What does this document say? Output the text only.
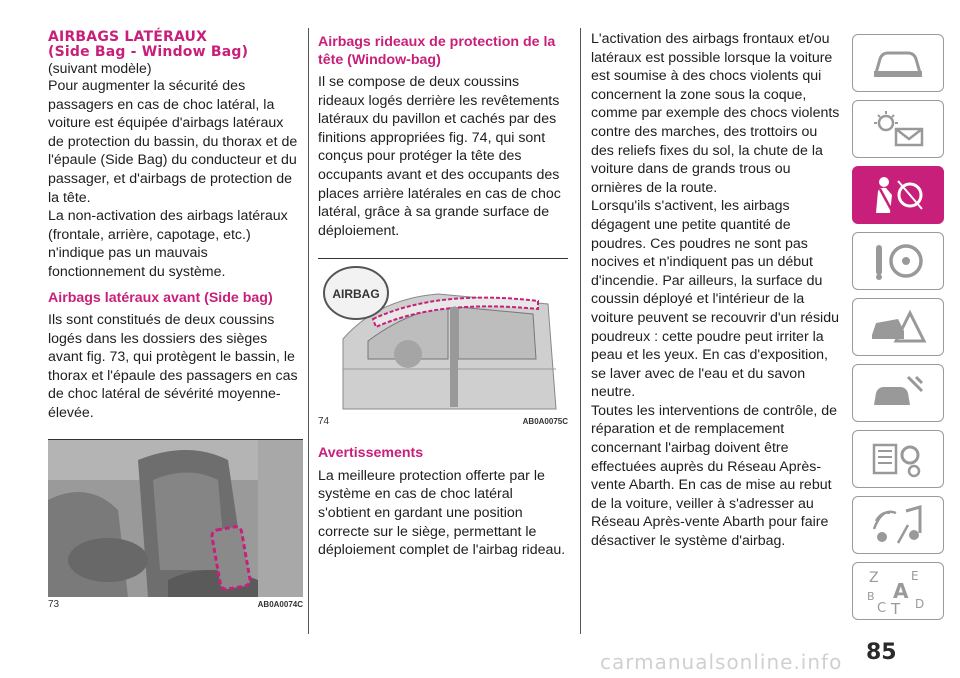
AIRBAGS LATÉRAUX
(Side Bag - Window Bag)
(suivant modèle)

Pour augmenter la sécurité des passagers en cas de choc latéral, la voiture est équipée d'airbags latéraux de protection du bassin, du thorax et de l'épaule (Side Bag) du conducteur et du passager, et d'airbags de protection de la tête.

La non-activation des airbags latéraux (frontale, arrière, capotage, etc.) n'indique pas un mauvais fonctionnement du système.

Airbags latéraux avant (Side bag)

Ils sont constitués de deux coussins logés dans les dossiers des sièges avant fig. 73, qui protègent le bassin, le thorax et l'épaule des passagers en cas de choc latéral de sévérité moyenne-élevée.

73	AB0A0074C
Airbags rideaux de protection de la tête (Window-bag)

Il se compose de deux coussins rideaux logés derrière les revêtements latéraux du pavillon et cachés par des finitions appropriées fig. 74, qui sont conçus pour protéger la tête des occupants avant et des occupants des places arrière latérales en cas de choc latéral, grâce à sa grande surface de déploiement.

AIRBAG
74	AB0A0075C
Avertissements

La meilleure protection offerte par le système en cas de choc latéral s'obtient en gardant une position correcte sur le siège, permettant le déploiement complet de l'airbag rideau.

L'activation des airbags frontaux et/ou latéraux est possible lorsque la voiture est soumise à des chocs violents qui concernent la zone sous la coque, comme par exemple des chocs violents contre des marches, des trottoirs ou des reliefs fixes du sol, la chute de la voiture dans de grands trous ou ornières de la route.

Lorsqu'ils s'activent, les airbags dégagent une petite quantité de poudres. Ces poudres ne sont pas nocives et n'indiquent pas un début d'incendie. Par ailleurs, la surface du coussin déployé et l'intérieur de la voiture peuvent se recouvrir d'un résidu poudreux : cette poudre peut irriter la peau et les yeux. En cas d'exposition, se laver avec de l'eau et du savon neutre.

Toutes les interventions de contrôle, de réparation et de remplacement concernant l'airbag doivent être effectuées auprès du Réseau Après-vente Abarth. En cas de mise au rebut de la voiture, veiller à s'adresser au Réseau Après-vente Abarth pour faire désactiver le système d'airbag.

Z	E
B A
C T D
85
carmanualsonline.info
